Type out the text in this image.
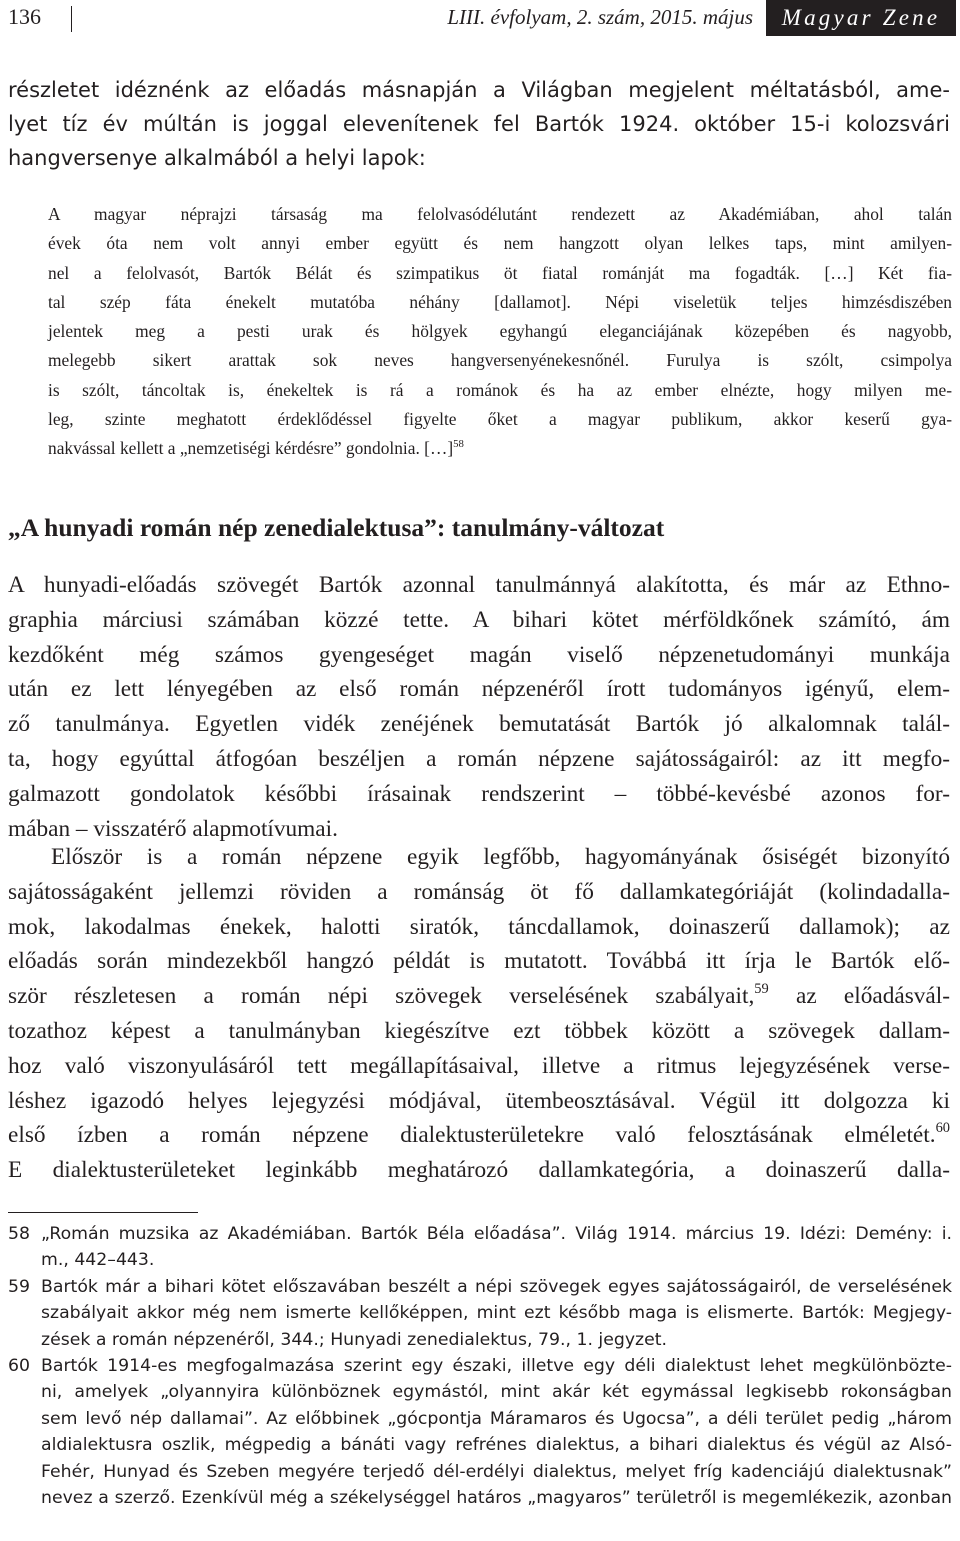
136	LIII. évfolyam, 2. szám, 2015. május	Magyar Zene
részletet idéznénk az előadás másnapján a Világban megjelent méltatásból, ame-
lyet tíz év múltán is joggal elevenítenek fel Bartók 1924. október 15-i kolozsvári
hangversenye alkalmából a helyi lapok:
A magyar néprajzi társaság ma felolvasódélutánt rendezett az Akadémiában, ahol talán
évek óta nem volt annyi ember együtt és nem hangzott olyan lelkes taps, mint amilyen-
nel a felolvasót, Bartók Bélát és szimpatikus öt fiatal románját ma fogadták. […] Két fia-
tal szép fáta énekelt mutatóba néhány [dallamot]. Népi viseletük teljes himzésdiszében
jelentek meg a pesti urak és hölgyek egyhangú eleganciájának közepében és nagyobb,
melegebb sikert arattak sok neves hangversenyénekesnőnél. Furulya is szólt, csimpolya
is szólt, táncoltak is, énekeltek is rá a románok és ha az ember elnézte, hogy milyen me-
leg, szinte meghatott érdeklődéssel figyelte őket a magyar publikum, akkor keserű gya-
nakvással kellett a „nemzetiségi kérdésre” gondolnia. […]$^{58}$
„A hunyadi román nép zenedialektusa”: tanulmány-változat
A hunyadi-előadás szövegét Bartók azonnal tanulmánnyá alakította, és már az Ethno-
graphia márciusi számában közzé tette. A bihari kötet mérföldkőnek számító, ám
kezdőként még számos gyengeséget magán viselő népzenetudományi munkája
után ez lett lényegében az első román népzenéről írott tudományos igényű, elem-
ző tanulmánya. Egyetlen vidék zenéjének bemutatását Bartók jó alkalomnak talál-
ta, hogy egyúttal átfogóan beszéljen a román népzene sajátosságairól: az itt megfo-
galmazott gondolatok későbbi írásainak rendszerint – többé-kevésbé azonos for-
mában – visszatérő alapmotívumai.
Először is a román népzene egyik legfőbb, hagyományának ősiségét bizonyító
sajátosságaként jellemzi röviden a románság öt fő dallamkategóriáját (kolindadalla-
mok, lakodalmas énekek, halotti siratók, táncdallamok, doinaszerű dallamok); az
előadás során mindezekből hangzó példát is mutatott. Továbbá itt írja le Bartók elő-
ször részletesen a román népi szövegek verselésének szabályait,$^{59}$ az előadásvál-
tozathoz képest a tanulmányban kiegészítve ezt többek között a szövegek dallam-
hoz való viszonyulásáról tett megállapításaival, illetve a ritmus lejegyzésének verse-
léshez igazodó helyes lejegyzési módjával, ütembeosztásával. Végül itt dolgozza ki
első ízben a román népzene dialektusterületekre való felosztásának elméletét.$^{60}$
E dialektusterületeket leginkább meghatározó dallamkategória, a doinaszerű dalla-
58 „Román muzsika az Akadémiában. Bartók Béla előadása”. Világ 1914. március 19. Idézi: Demény: i.
m., 442–443.
59 Bartók már a bihari kötet előszavában beszélt a népi szövegek egyes sajátosságairól, de verselésének
szabályait akkor még nem ismerte kellőképpen, mint ezt később maga is elismerte. Bartók: Megjegy-
zések a román népzenéről, 344.; Hunyadi zenedialektus, 79., 1. jegyzet.
60 Bartók 1914-es megfogalmazása szerint egy északi, illetve egy déli dialektust lehet megkülönbözte-
ni, amelyek „olyannyira különböznek egymástól, mint akár két egymással legkisebb rokonságban
sem levő nép dallamai”. Az előbbinek „gócpontja Máramaros és Ugocsa”, a déli terület pedig „három
aldialektusra oszlik, mégpedig a bánáti vagy refrénes dialektus, a bihari dialektus és végül az Alsó-
Fehér, Hunyad és Szeben megyére terjedő dél-erdélyi dialektus, melyet fríg kadenciájú dialektusnak”
nevez a szerző. Ezenkívül még a székelységgel határos „magyaros” területről is megemlékezik, azonban
